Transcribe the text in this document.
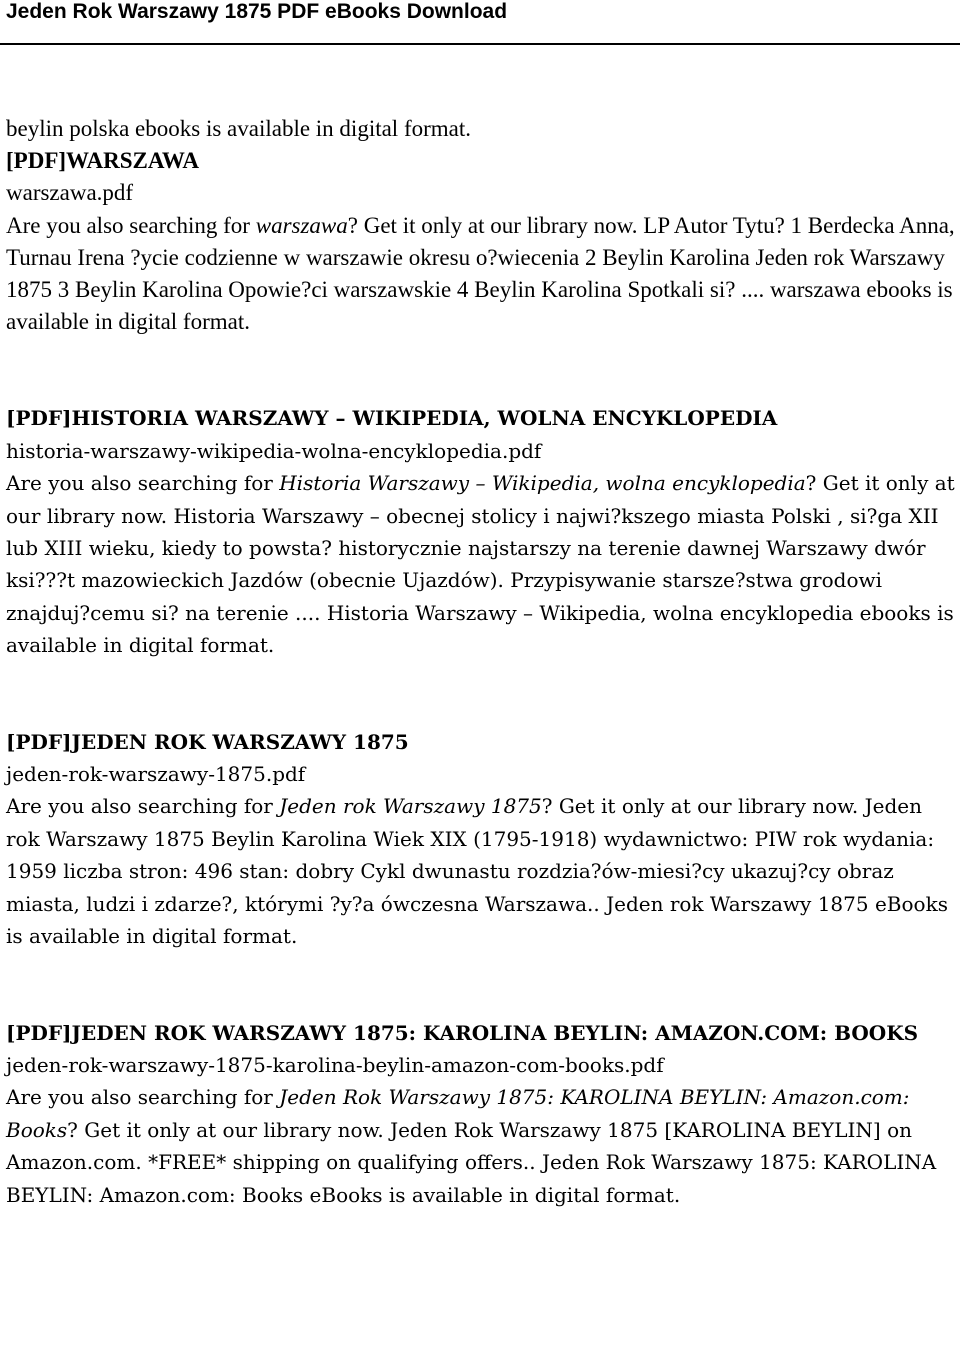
Jeden Rok Warszawy 1875 PDF eBooks Download

beylin polska ebooks is available in digital format.

[PDF]WARSZAWA

warszawa.pdf

Are you also searching for warszawa? Get it only at our library now. LP Autor Tytu? 1 Berdecka Anna, Turnau Irena ?ycie codzienne w warszawie okresu o?wiecenia 2 Beylin Karolina Jeden rok Warszawy 1875 3 Beylin Karolina Opowie?ci warszawskie 4 Beylin Karolina Spotkali si? .... warszawa ebooks is available in digital format.

[PDF]HISTORIA WARSZAWY – WIKIPEDIA, WOLNA ENCYKLOPEDIA

historia-warszawy-wikipedia-wolna-encyklopedia.pdf

Are you also searching for Historia Warszawy – Wikipedia, wolna encyklopedia? Get it only at our library now. Historia Warszawy – obecnej stolicy i najwi?kszego miasta Polski , si?ga XII lub XIII wieku, kiedy to powsta? historycznie najstarszy na terenie dawnej Warszawy dwór ksi???t mazowieckich Jazdów (obecnie Ujazdów). Przypisywanie starsze?stwa grodowi znajduj?cemu si? na terenie .... Historia Warszawy – Wikipedia, wolna encyklopedia ebooks is available in digital format.

[PDF]JEDEN ROK WARSZAWY 1875

jeden-rok-warszawy-1875.pdf

Are you also searching for Jeden rok Warszawy 1875? Get it only at our library now. Jeden rok Warszawy 1875 Beylin Karolina Wiek XIX (1795-1918) wydawnictwo: PIW rok wydania: 1959 liczba stron: 496 stan: dobry Cykl dwunastu rozdzia?ów-miesi?cy ukazuj?cy obraz miasta, ludzi i zdarze?, którymi ?y?a ówczesna Warszawa.. Jeden rok Warszawy 1875 eBooks is available in digital format.

[PDF]JEDEN ROK WARSZAWY 1875: KAROLINA BEYLIN: AMAZON.COM: BOOKS

jeden-rok-warszawy-1875-karolina-beylin-amazon-com-books.pdf

Are you also searching for Jeden Rok Warszawy 1875: KAROLINA BEYLIN: Amazon.com: Books? Get it only at our library now. Jeden Rok Warszawy 1875 [KAROLINA BEYLIN] on Amazon.com. *FREE* shipping on qualifying offers.. Jeden Rok Warszawy 1875: KAROLINA BEYLIN: Amazon.com: Books eBooks is available in digital format.
